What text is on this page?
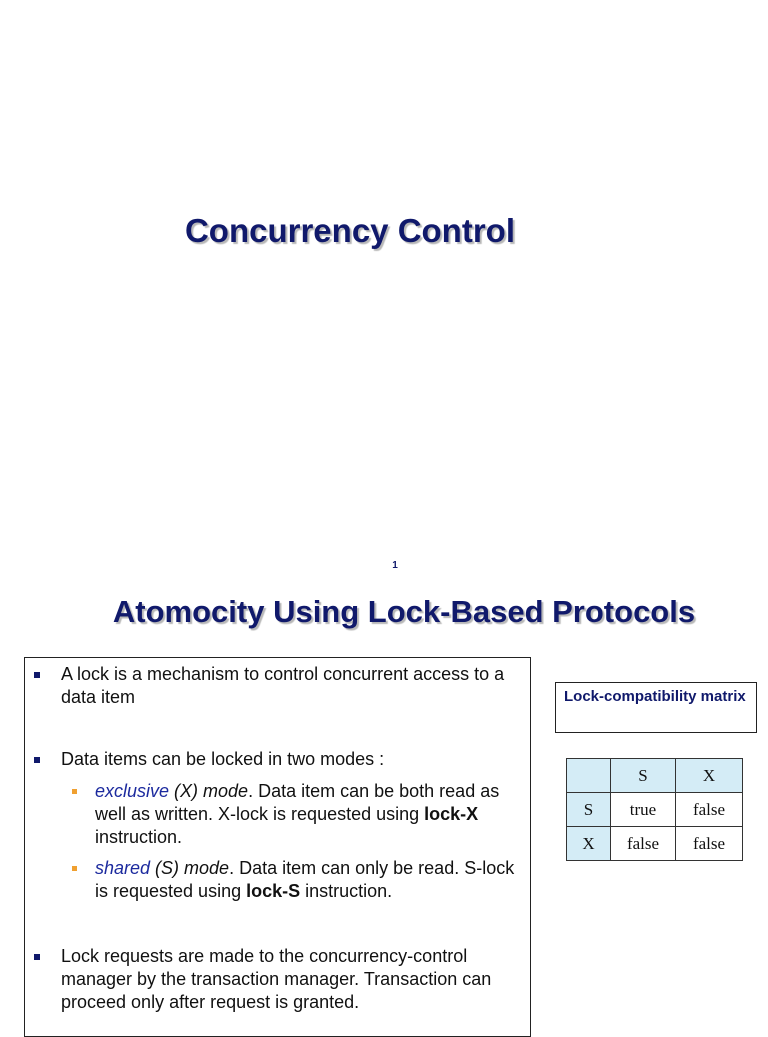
Concurrency Control
1
Atomocity Using Lock-Based Protocols
A lock is a mechanism to control concurrent access to a data item
Data items can be locked in two modes :
exclusive (X) mode. Data item can be both read as well as written. X-lock is requested using lock-X instruction.
shared (S) mode. Data item can only be read. S-lock is requested using lock-S instruction.
Lock requests are made to the concurrency-control manager by the transaction manager. Transaction can proceed only after request is granted.
Lock-compatibility matrix
	S	X
S	true	false
X	false	false
